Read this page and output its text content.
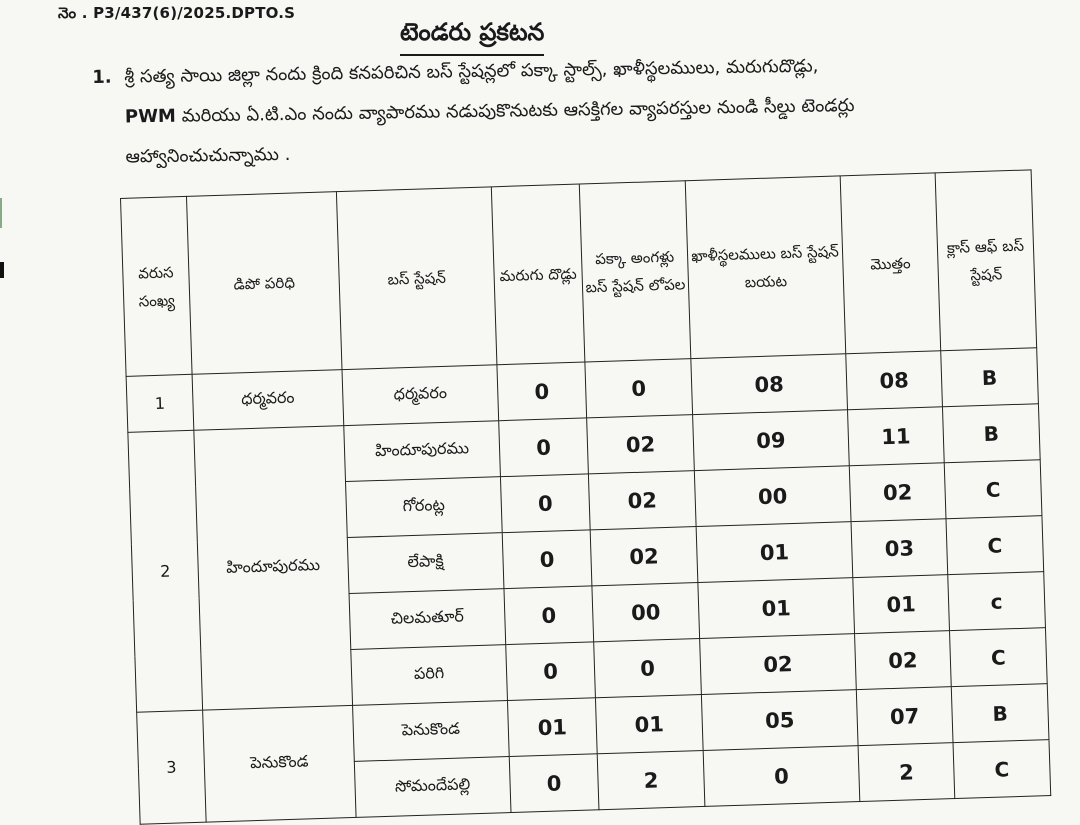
నెం . P3/437(6)/2025.DPTO.S
టెండరు ప్రకటన
1. శ్రీ సత్య సాయి జిల్లా నందు క్రింది కనపరిచిన బస్ స్టేషన్లలో పక్కా స్టాల్స్, ఖాళీస్థలములు, మరుగుదొడ్లు,
PWM మరియు ఏ.టి.ఎం నందు వ్యాపారము నడుపుకొనుటకు ఆసక్తిగల వ్యాపరస్తుల నుండి సీల్డు టెండర్లు
ఆహ్వానించుచున్నాము .
వరుస సంఖ్య	డిపో పరిధి	బస్ స్టేషన్	మరుగు దొడ్లు	పక్కా అంగళ్లు బస్ స్టేషన్ లోపల	ఖాళీస్థలములు బస్ స్టేషన్ బయట	మొత్తం	క్లాస్ ఆఫ్ బస్ స్టేషన్
1	ధర్మవరం	ధర్మవరం	0	0	08	08	B
2	హిందూపురము	హిందూపురము	0	02	09	11	B
		గోరంట్ల	0	02	00	02	C
		లేపాక్షి	0	02	01	03	C
		చిలమతూర్	0	00	01	01	c
		పరిగి	0	0	02	02	C
3	పెనుకొండ	పెనుకొండ	01	01	05	07	B
		సోమందేపల్లి	0	2	0	2	C
